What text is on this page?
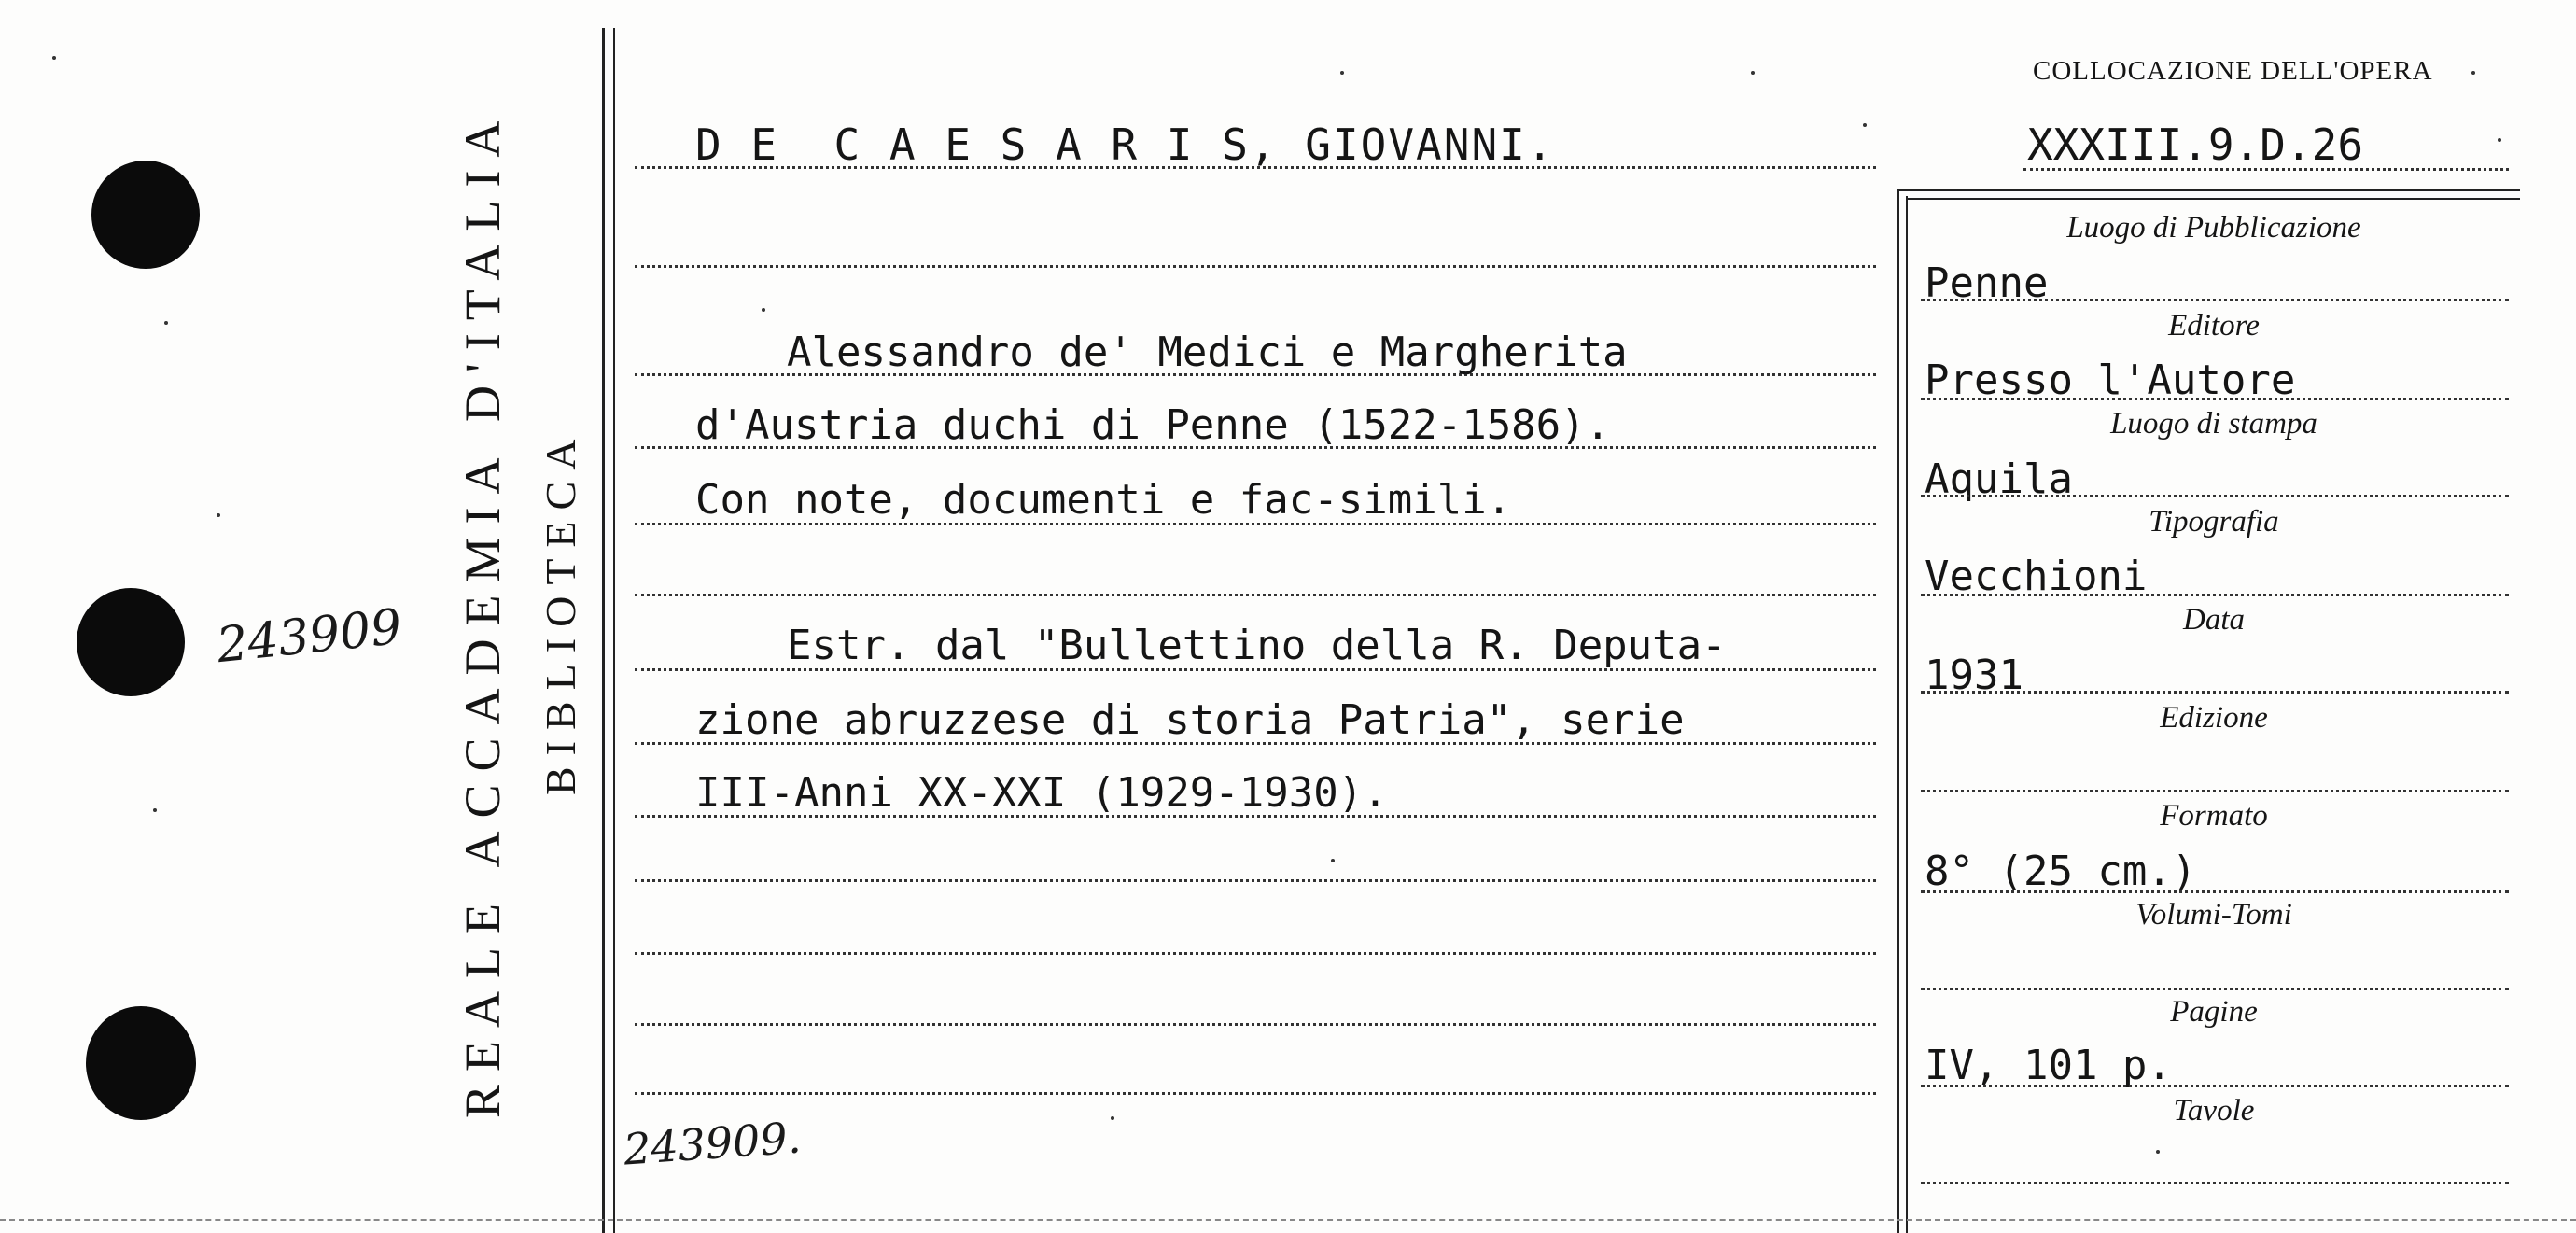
243909 REALE ACCADEMIA D'ITALIA BIBLIOTECA
COLLOCAZIONE DELL'OPERA
XXXIII.9.D.26
D E  C A E S A R I S, GIOVANNI.
Alessandro de' Medici e Margherita
d'Austria duchi di Penne (1522-1586).
Con note, documenti e fac-simili.
Estr. dal "Bullettino della R. Deputa-
zione abruzzese di storia Patria", serie
III-Anni XX-XXI (1929-1930).
243909.
Luogo di Pubblicazione
Penne
Editore
Presso l'Autore
Luogo di stampa
Aquila
Tipografia
Vecchioni
Data
1931
Edizione
Formato
8° (25 cm.)
Volumi-Tomi
Pagine
IV, 101 p.
Tavole
